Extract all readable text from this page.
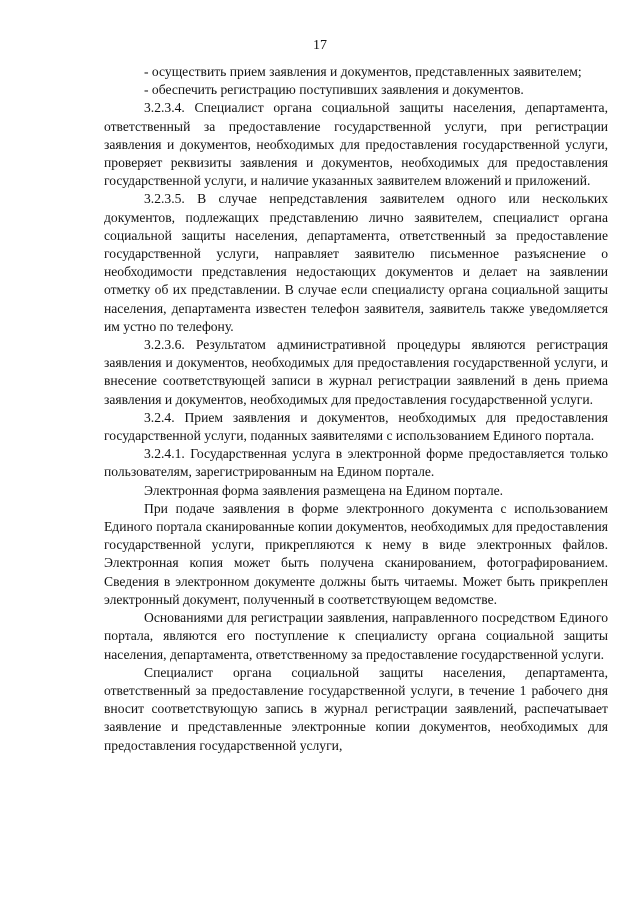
17

- осуществить прием заявления и документов, представленных заявителем;

- обеспечить регистрацию поступивших заявления и документов.

3.2.3.4. Специалист органа социальной защиты населения, департамента, ответственный за предоставление государственной услуги, при регистрации заявления и документов, необходимых для предоставления государственной услуги, проверяет реквизиты заявления и документов, необходимых для предоставления государственной услуги, и наличие указанных заявителем вложений и приложений.

3.2.3.5. В случае непредставления заявителем одного или нескольких документов, подлежащих представлению лично заявителем, специалист органа социальной защиты населения, департамента, ответственный за предоставление государственной услуги, направляет заявителю письменное разъяснение о необходимости представления недостающих документов и делает на заявлении отметку об их представлении. В случае если специалисту органа социальной защиты населения, департамента известен телефон заявителя, заявитель также уведомляется им устно по телефону.

3.2.3.6. Результатом административной процедуры являются регистрация заявления и документов, необходимых для предоставления государственной услуги, и внесение соответствующей записи в журнал регистрации заявлений в день приема заявления и документов, необходимых для предоставления государственной услуги.

3.2.4. Прием заявления и документов, необходимых для предоставления государственной услуги, поданных заявителями с использованием Единого портала.

3.2.4.1. Государственная услуга в электронной форме предоставляется только пользователям, зарегистрированным на Едином портале.

Электронная форма заявления размещена на Едином портале.

При подаче заявления в форме электронного документа с использованием Единого портала сканированные копии документов, необходимых для предоставления государственной услуги, прикрепляются к нему в виде электронных файлов. Электронная копия может быть получена сканированием, фотографированием. Сведения в электронном документе должны быть читаемы. Может быть прикреплен электронный документ, полученный в соответствующем ведомстве.

Основаниями для регистрации заявления, направленного посредством Единого портала, являются его поступление к специалисту органа социальной защиты населения, департамента, ответственному за предоставление государственной услуги.

Специалист органа социальной защиты населения, департамента, ответственный за предоставление государственной услуги, в течение 1 рабочего дня вносит соответствующую запись в журнал регистрации заявлений, распечатывает заявление и представленные электронные копии документов, необходимых для предоставления государственной услуги,
